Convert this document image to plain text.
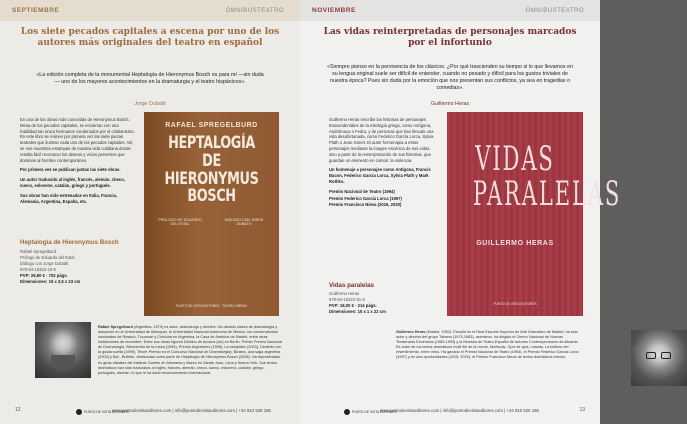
SEPTIEMBRE	ÓMNIBUSTEATRO
Los siete pecados capitales a escena por uno de los autores más originales del teatro en español
«La edición completa de la monumental Heptalogía de Hieronymus Bosch es para mí —sin duda— uno de los mayores acontecimientos en la dramaturgia y el teatro hispánicos».
Jorge Dubatti

En una de las obras más conocidas de Hieronymus Bosch, Mesa de los pecados capitales, se encierran con una habilidad tan única hermanos condenados por el cristianismo. En este libro se reúnen por primera vez las siete piezas teatrales que ilustran cada uno de los pecados capitales. Así, se nos muestran estampas de nuestra vida cotidiana donde resulta fácil reconocer los deseos y vicios perversos que dominan al hombre contemporáneo.

Por primera vez se publican juntas las siete obras.

Un autor traducido al inglés, francés, alemán, checo, sueco, esloveno, catalán, griego y portugués.

Sus obras han sido estrenadas en Italia, Francia, Alemania, Argentina, España, etc.

Heptalogía de Hieronymus Bosch
Rafael Spregelburd
Prólogo de Eduardo del Estal
Diálogo con Jorge Dubatti
978-84-18322-10-5
PVP: 29,90 € · 702 págs.
Dimensiones: 15 x 3,5 x 23 cm
RAFAEL SPREGELBURD
HEPTALOGÍA DE HIERONYMUS BOSCH
PRÓLOGO DE EDUARDO DEL ESTAL
DIÁLOGO CON JORGE DUBATTI
PUNTO DE VISTA EDITORES · TEATRO OBRAS
Rafael Spregelburd (Argentina, 1970) es actor, dramaturgo y director. Ha dictado clases de dramaturgia y actuación en la Universidad de Antioquia, la Universidad Nacional Autónoma de México, los conservatorios nacionales de Rosario, Tucumán y Córdoba en Argentina, la Casa de América de Madrid, entre otras instituciones de renombre. Entre sus obras figuran Destino de Acosos (sic) en Berlin. Primer Premio Nacional de Dramaturgia, Bienvenido de la mesa (1994), Premio Argentores (1995), La estupidez (2003), Desierto con la grada suelta (1999), Tercer Premio en el Concurso Nacional de Dramaturgia), Bizarra, una saga argentina (2003) y Bal - Bulletin, destinadas como parte de Heptalogía de Hieronymus Bosch (2008). Ha representado en giras oficiales del Instituto Goethe en Alemania y Marzo en Zárate Juan, Lima y Nueva York. Sus textos dramáticos han sido traducidos al inglés, francés, alemán, checo, sueco, esloveno, catalán, griego, portugués, alemán, lo que le ha dado reconocimiento internacional.
12	PUNTO DE VISTA EDITORES
www.puntodevistaeditores.com | info@puntodevistaeditores.com | +34 910 526 186
NOVIEMBRE	ÓMNIBUSTEATRO
Las vidas reinterpretadas de personajes marcados por el infortunio
«Siempre pienso en la pervivencia de los clásicos. ¿Por qué trascienden su tiempo si lo que llevamos en su lengua original suele ser difícil de entender, cuando no pesado y difícil para los gustos triviales de nuestra época? Pues sin duda por la emoción que nos presentan sus conflictos, ya sea en tragedias o comedias».
Guillermo Heras

Guillermo Heras rescribe las historias de personajes trascendentales de la mitología griega, como Antígona, Andrómaca o Fedra, y de personas que han llevado una vida desafortunada, como Federico García Lorca, Sylvia Plath o Jean Genet. El autor homenajea a estos personajes mediante la imagen escénica de sus vidas, sino a partir de la reinterpretación de sus historias, que guardan un elemento en común: la violencia.

Un homenaje a personajes como Antígona, Francis Bacon, Federico García Lorca, Sylvia Plath y Mark Rothko.

Premio Nacional de Teatro (1994)

Premio Federico García Lorca (1997)

Premio Francisco Nieva (2015, 2020)

Vidas paralelas
Guillermo Heras
978-84-18322-91-0
PVP: 18,00 € · 214 págs.
Dimensiones: 15 x 1 x 22 cm
Guillermo Heras (Madrid, 1952). Estudió en la Real Escuela Superior de Arte Dramático de Madrid, ha sido actor y director del grupo Tábano (1973-1983), asimismo, ha dirigido el Centro Nacional de Nuevas Tendencias Escénicas (1983-1993) y la Muestra de Teatro Español de Autores Contemporáneos de Alicante. Es autor de los textos dramáticos Inútil fiel de la noche, Muñecas, Ojos de ojos, Lanzas, La belleza del resentimiento, entre otros. Ha ganado el Premio Nacional de Teatro (1994), el Premio Federico García Lorca (1997) y en dos oportunidades (2015, 2020), el Premio Francisco Nieva de textos dramáticos breves.
PUNTO DE VISTA EDITORES
www.puntodevistaeditores.com | info@puntodevistaeditores.com | +34 910 526 186	13
VIDAS PARALELAS
GUILLERMO HERAS
PUNTO DE VISTA EDITORES
